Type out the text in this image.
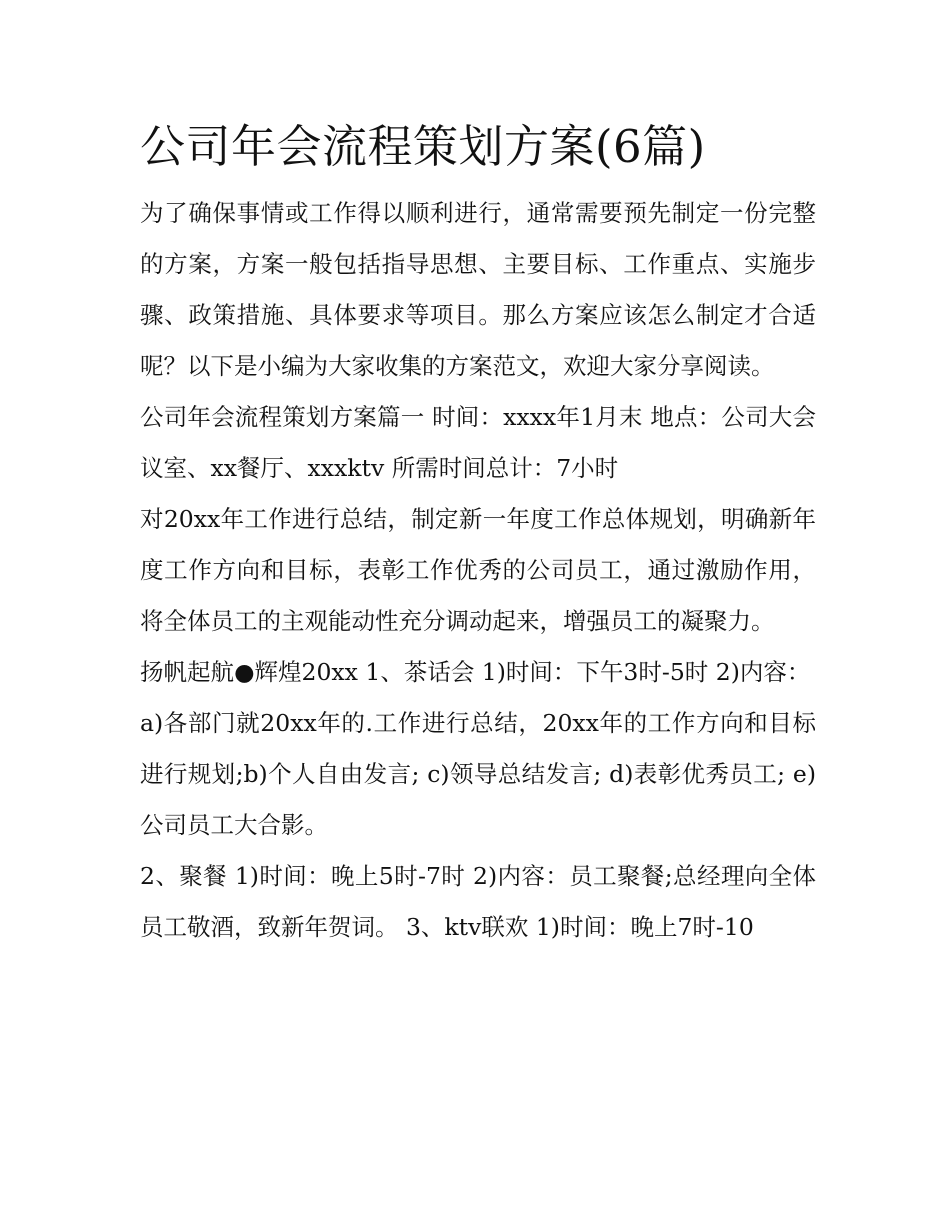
公司年会流程策划方案(6篇)

为了确保事情或工作得以顺利进行，通常需要预先制定一份完整的方案，方案一般包括指导思想、主要目标、工作重点、实施步骤、政策措施、具体要求等项目。那么方案应该怎么制定才合适呢？以下是小编为大家收集的方案范文，欢迎大家分享阅读。

公司年会流程策划方案篇一 时间：xxxx年1月末 地点：公司大会议室、xx餐厅、xxxktv 所需时间总计：7小时

对20xx年工作进行总结，制定新一年度工作总体规划，明确新年度工作方向和目标，表彰工作优秀的公司员工，通过激励作用，将全体员工的主观能动性充分调动起来，增强员工的凝聚力。

扬帆起航●辉煌20xx 1、茶话会 1)时间：下午3时-5时 2)内容：

a)各部门就20xx年的.工作进行总结，20xx年的工作方向和目标进行规划;b)个人自由发言; c)领导总结发言; d)表彰优秀员工; e)公司员工大合影。

2、聚餐 1)时间：晚上5时-7时 2)内容：员工聚餐;总经理向全体员工敬酒，致新年贺词。 3、ktv联欢 1)时间：晚上7时-10
